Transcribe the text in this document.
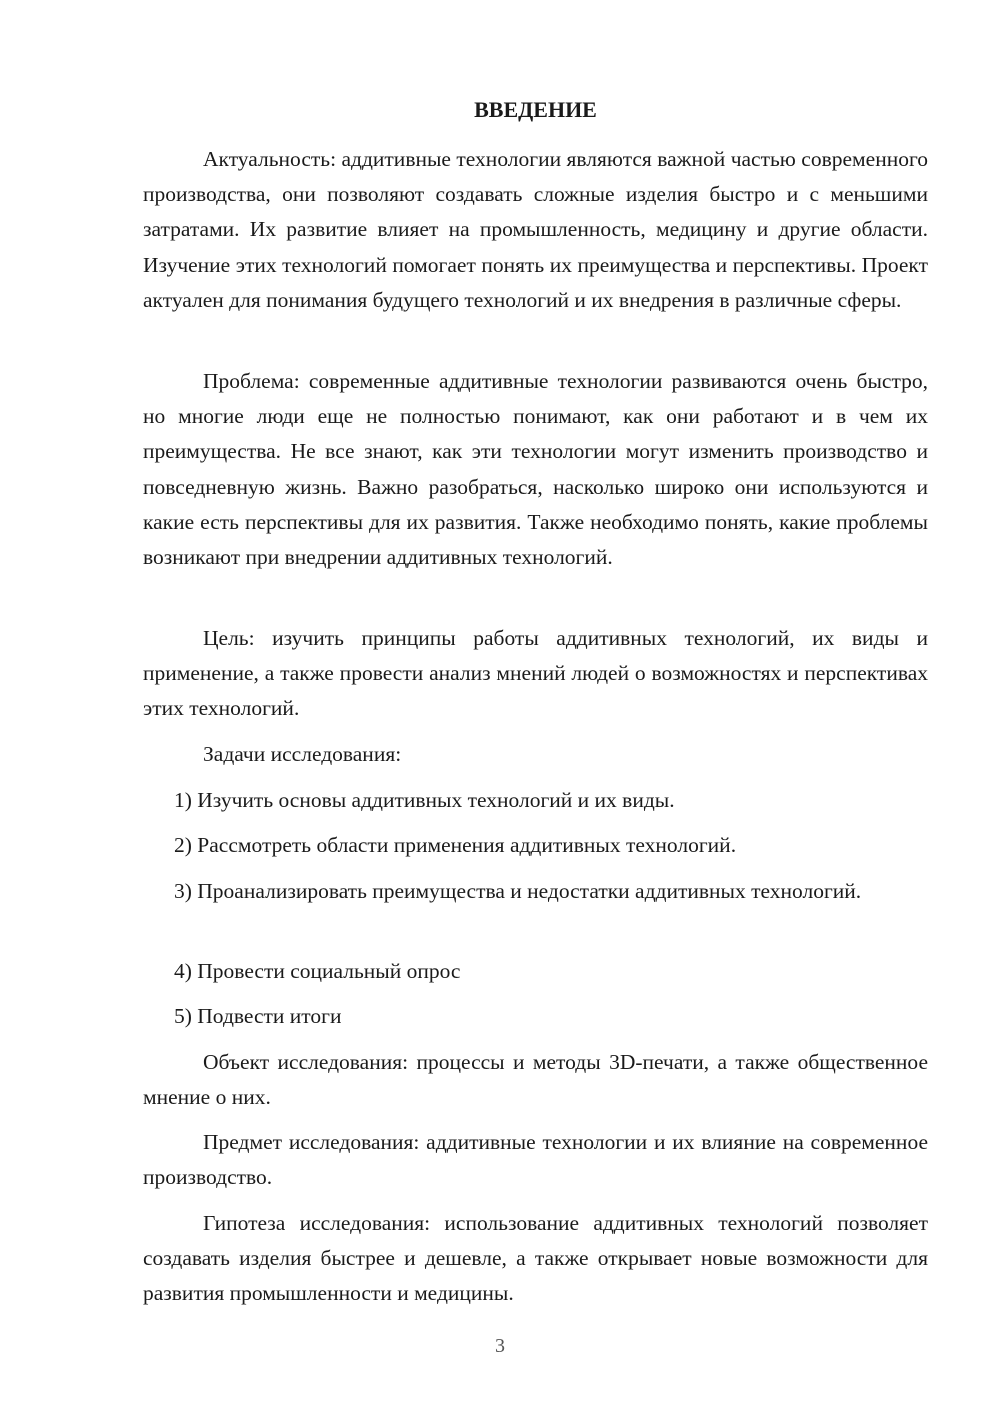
ВВЕДЕНИЕ

Актуальность: аддитивные технологии являются важной частью современного производства, они позволяют создавать сложные изделия быстро и с меньшими затратами. Их развитие влияет на промышленность, медицину и другие области. Изучение этих технологий помогает понять их преимущества и перспективы. Проект актуален для понимания будущего технологий и их внедрения в различные сферы.

Проблема: современные аддитивные технологии развиваются очень быстро, но многие люди еще не полностью понимают, как они работают и в чем их преимущества. Не все знают, как эти технологии могут изменить производство и повседневную жизнь. Важно разобраться, насколько широко они используются и какие есть перспективы для их развития. Также необходимо понять, какие проблемы возникают при внедрении аддитивных технологий.

Цель: изучить принципы работы аддитивных технологий, их виды и применение, а также провести анализ мнений людей о возможностях и перспективах этих технологий.

Задачи исследования:

1) Изучить основы аддитивных технологий и их виды.

2) Рассмотреть области применения аддитивных технологий.

3) Проанализировать преимущества и недостатки аддитивных технологий.

4) Провести социальный опрос

5) Подвести итоги

Объект исследования: процессы и методы 3D-печати, а также общественное мнение о них.

Предмет исследования: аддитивные технологии и их влияние на современное производство.

Гипотеза исследования: использование аддитивных технологий позволяет создавать изделия быстрее и дешевле, а также открывает новые возможности для развития промышленности и медицины.

3
